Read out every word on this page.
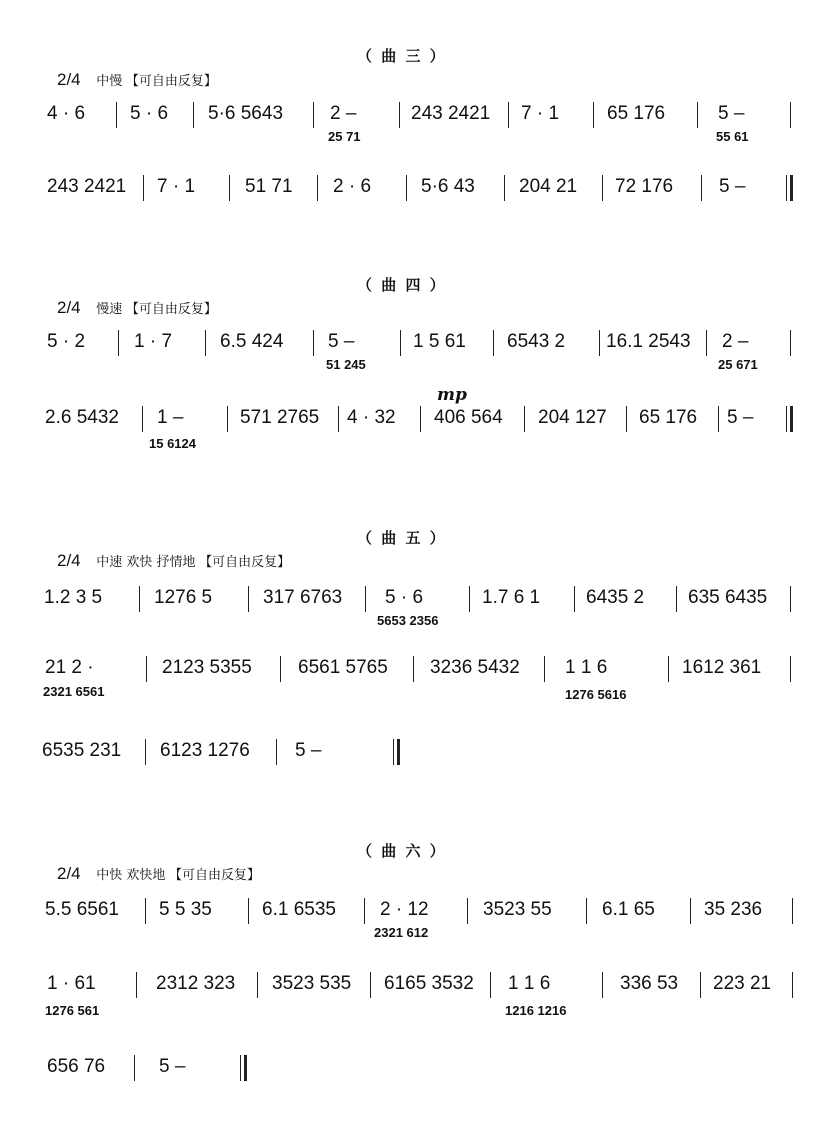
（ 曲 三 ）
2/4 中慢 【可自由反复】
4 · 6 5 · 6 5·6 5643 2 –
25 71
243 2421 7 · 1	65 176	5 –
55 61
243 2421 7 · 1	51 71 2 · 6	5·6 43 204 21 72 176 5 –
（ 曲 四 ）
2/4 慢速 【可自由反复】
5 · 2	1 · 7	6.5 424 5 –
51 245
1 5 61 6543 2 16.1 2543 2 –
25 671
mp
2.6 5432 1 –
15 6124
571 2765 4 · 32 406 564 204 127 65 176 5 –
（ 曲 五 ）
2/4 中速 欢快 抒情地 【可自由反复】
1.2 3 5	1276 5	317 6763 5 · 6
5653 2356
1.7 6 1 6435 2 635 6435
21 2 ·
2321 6561
2123 5355 6561 5765 3236 5432 1 1 6
1276 5616
1612 361
6535 231 6123 1276 5 –
（ 曲 六 ）
2/4 中快 欢快地 【可自由反复】
5.5 6561 5 5 35	6.1 6535 2 · 12
2321 612
3523 55	6.1 65	35 236
1 · 61
1276 561
2312 323 3523 535 6165 3532 1 1 6
1216 1216
336 53 223 21
656 76	5 –
